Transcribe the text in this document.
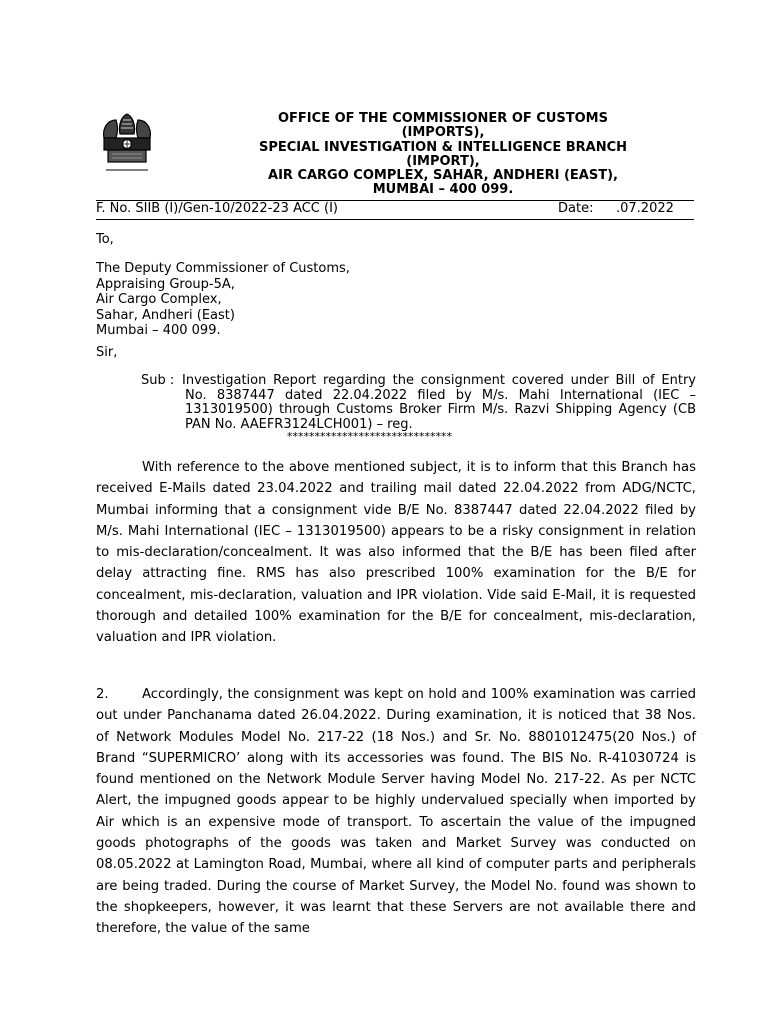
OFFICE OF THE COMMISSIONER OF CUSTOMS
(IMPORTS),
SPECIAL INVESTIGATION & INTELLIGENCE BRANCH
(IMPORT),
AIR CARGO COMPLEX, SAHAR, ANDHERI (EAST),
MUMBAI – 400 099.
F. No. SIIB (I)/Gen-10/2022-23 ACC (I)	Date: .07.2022
To,
The Deputy Commissioner of Customs,
Appraising Group-5A,
Air Cargo Complex,
Sahar, Andheri (East)
Mumbai – 400 099.
Sir,
Sub : Investigation Report regarding the consignment covered under Bill of Entry No. 8387447 dated 22.04.2022 filed by M/s. Mahi International (IEC –1313019500) through Customs Broker Firm M/s. Razvi Shipping Agency (CB PAN No. AAEFR3124LCH001) – reg.
******************************
With reference to the above mentioned subject, it is to inform that this Branch has received E-Mails dated 23.04.2022 and trailing mail dated 22.04.2022 from ADG/NCTC, Mumbai informing that a consignment vide B/E No. 8387447 dated 22.04.2022 filed by M/s. Mahi International (IEC – 1313019500) appears to be a risky consignment in relation to mis-declaration/concealment. It was also informed that the B/E has been filed after delay attracting fine. RMS has also prescribed 100% examination for the B/E for concealment, mis-declaration, valuation and IPR violation. Vide said E-Mail, it is requested thorough and detailed 100% examination for the B/E for concealment, mis-declaration, valuation and IPR violation.
2.	Accordingly, the consignment was kept on hold and 100% examination was carried out under Panchanama dated 26.04.2022. During examination, it is noticed that 38 Nos. of Network Modules Model No. 217-22 (18 Nos.) and Sr. No. 8801012475(20 Nos.) of Brand “SUPERMICRO’ along with its accessories was found. The BIS No. R-41030724 is found mentioned on the Network Module Server having Model No. 217-22. As per NCTC Alert, the impugned goods appear to be highly undervalued specially when imported by Air which is an expensive mode of transport. To ascertain the value of the impugned goods photographs of the goods was taken and Market Survey was conducted on 08.05.2022 at Lamington Road, Mumbai, where all kind of computer parts and peripherals are being traded. During the course of Market Survey, the Model No. found was shown to the shopkeepers, however, it was learnt that these Servers are not available there and therefore, the value of the same
